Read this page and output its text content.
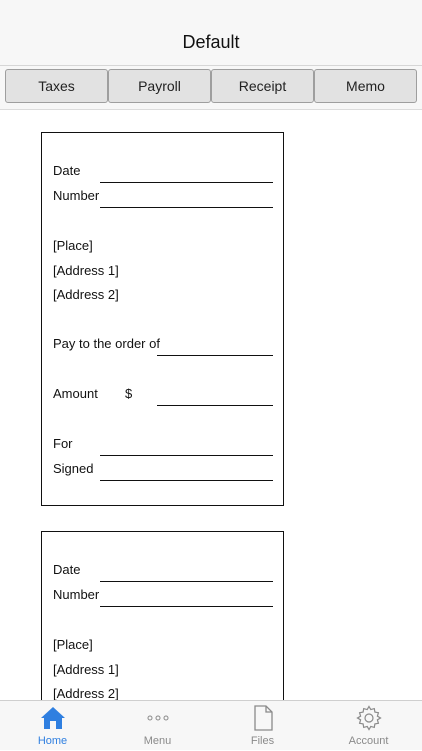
Default
Taxes	Payroll	Receipt	Memo
Date
Number
[Place]
[Address 1]
[Address 2]
Pay to the order of
Amount $
For
Signed
Date
Number
[Place]
[Address 1]
[Address 2]
Home	Menu	Files	Account
